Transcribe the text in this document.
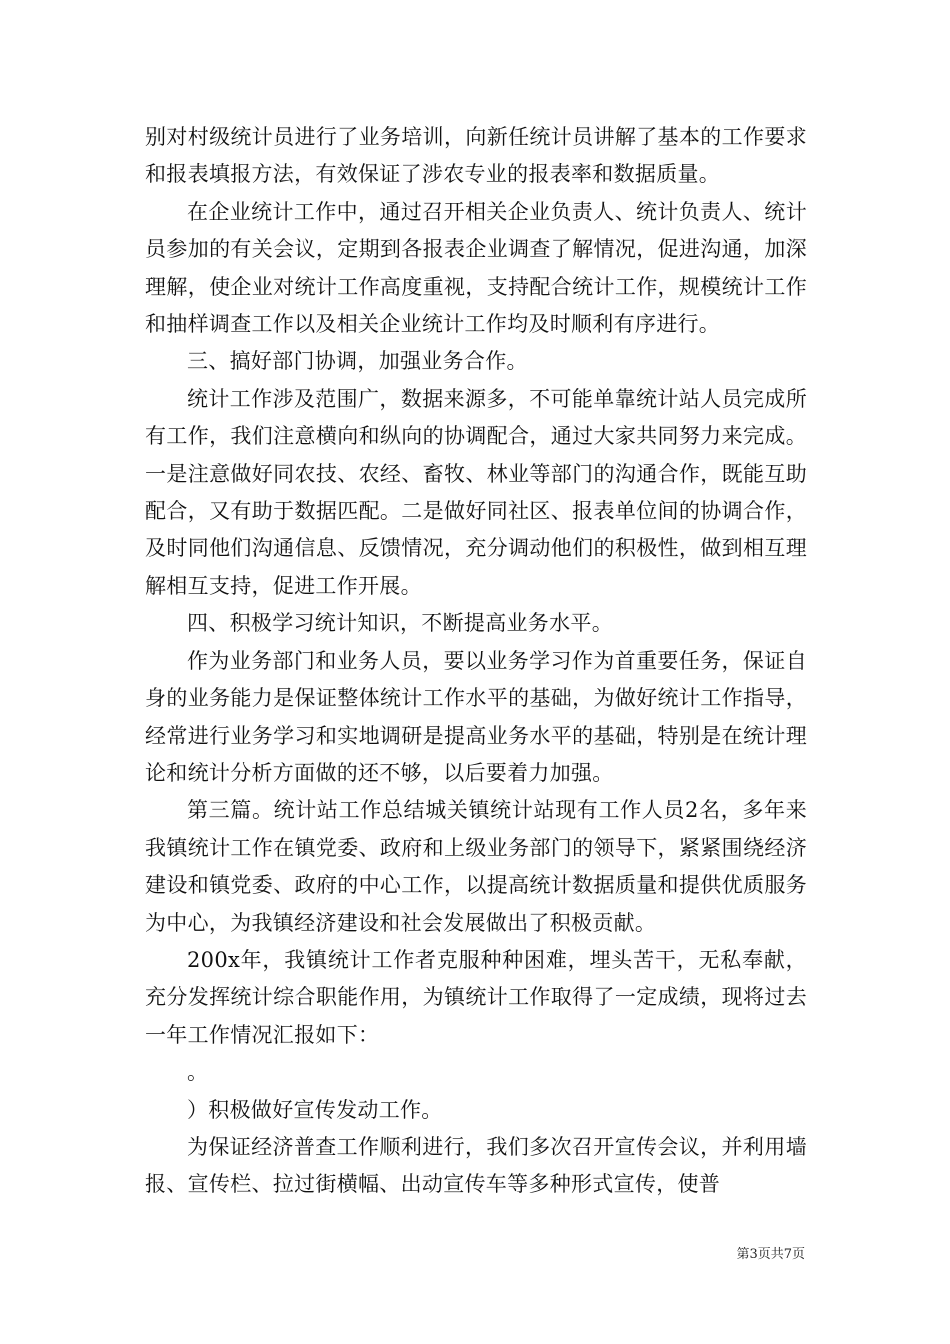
别对村级统计员进行了业务培训，向新任统计员讲解了基本的工作要求和报表填报方法，有效保证了涉农专业的报表率和数据质量。

在企业统计工作中，通过召开相关企业负责人、统计负责人、统计员参加的有关会议，定期到各报表企业调查了解情况，促进沟通，加深理解，使企业对统计工作高度重视，支持配合统计工作，规模统计工作和抽样调查工作以及相关企业统计工作均及时顺利有序进行。

三、搞好部门协调，加强业务合作。

统计工作涉及范围广，数据来源多，不可能单靠统计站人员完成所有工作，我们注意横向和纵向的协调配合，通过大家共同努力来完成。一是注意做好同农技、农经、畜牧、林业等部门的沟通合作，既能互助配合，又有助于数据匹配。二是做好同社区、报表单位间的协调合作，及时同他们沟通信息、反馈情况，充分调动他们的积极性，做到相互理解相互支持，促进工作开展。

四、积极学习统计知识，不断提高业务水平。

作为业务部门和业务人员，要以业务学习作为首重要任务，保证自身的业务能力是保证整体统计工作水平的基础，为做好统计工作指导，经常进行业务学习和实地调研是提高业务水平的基础，特别是在统计理论和统计分析方面做的还不够，以后要着力加强。

第三篇。统计站工作总结城关镇统计站现有工作人员2名，多年来我镇统计工作在镇党委、政府和上级业务部门的领导下，紧紧围绕经济建设和镇党委、政府的中心工作，以提高统计数据质量和提供优质服务为中心，为我镇经济建设和社会发展做出了积极贡献。

200x年，我镇统计工作者克服种种困难，埋头苦干，无私奉献，充分发挥统计综合职能作用，为镇统计工作取得了一定成绩，现将过去一年工作情况汇报如下：

。

）积极做好宣传发动工作。

为保证经济普查工作顺利进行，我们多次召开宣传会议，并利用墙报、宣传栏、拉过街横幅、出动宣传车等多种形式宣传，使普

第3页共7页
